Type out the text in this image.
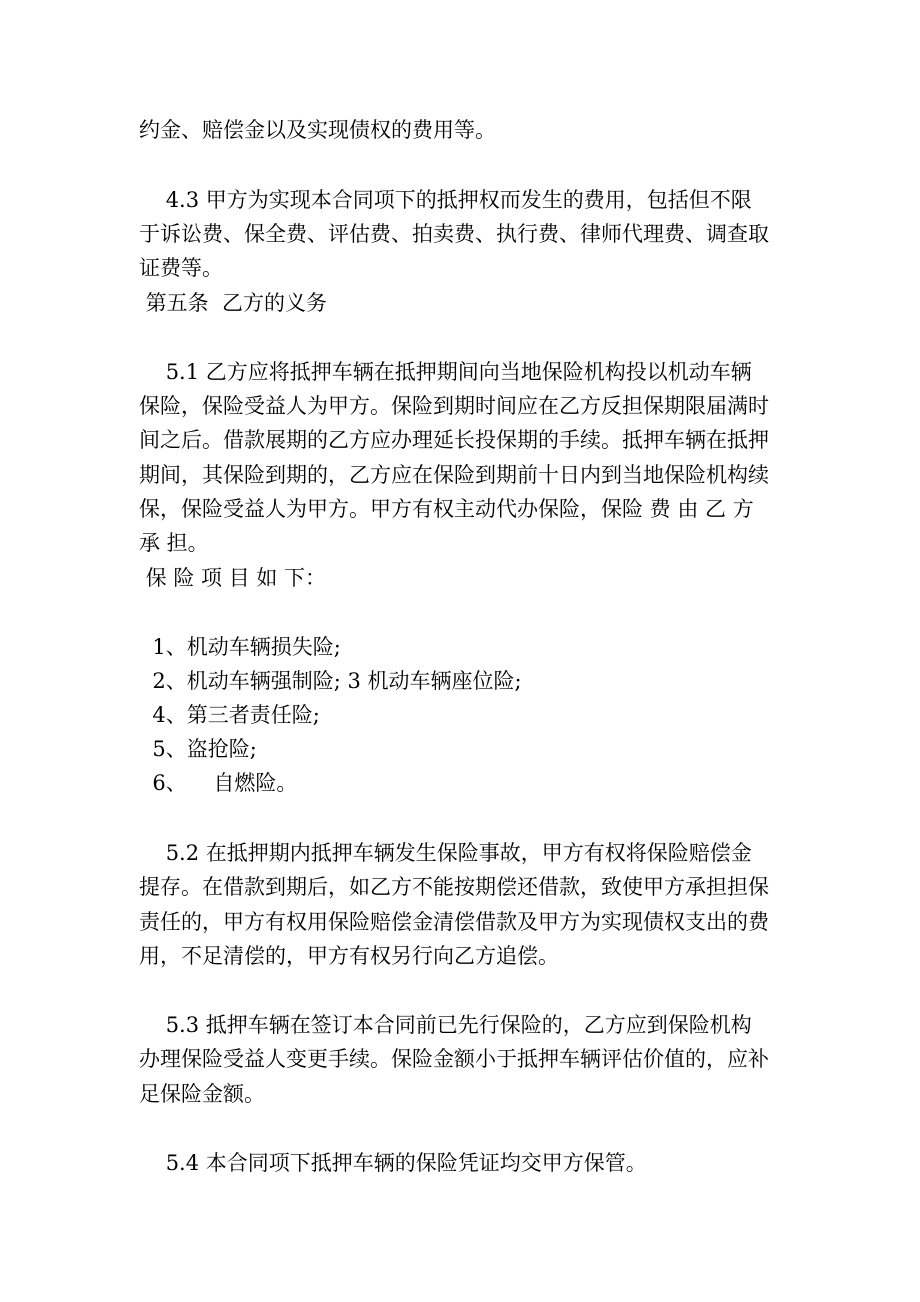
约金、赔偿金以及实现债权的费用等。
4.3 甲方为实现本合同项下的抵押权而发生的费用，包括但不限
于诉讼费、保全费、评估费、拍卖费、执行费、律师代理费、调查取
证费等。
第五条  乙方的义务
5.1 乙方应将抵押车辆在抵押期间向当地保险机构投以机动车辆
保险，保险受益人为甲方。保险到期时间应在乙方反担保期限届满时
间之后。借款展期的乙方应办理延长投保期的手续。抵押车辆在抵押
期间，其保险到期的，乙方应在保险到期前十日内到当地保险机构续
保，保险受益人为甲方。甲方有权主动代办保险，保险 费 由 乙 方
承 担。
保 险 项 目 如 下：
1、机动车辆损失险;
2、机动车辆强制险; 3 机动车辆座位险;
4、第三者责任险;
5、盗抢险;
6、    自燃险。
5.2 在抵押期内抵押车辆发生保险事故，甲方有权将保险赔偿金
提存。在借款到期后，如乙方不能按期偿还借款，致使甲方承担担保
责任的，甲方有权用保险赔偿金清偿借款及甲方为实现债权支出的费
用，不足清偿的，甲方有权另行向乙方追偿。
5.3 抵押车辆在签订本合同前已先行保险的，乙方应到保险机构
办理保险受益人变更手续。保险金额小于抵押车辆评估价值的，应补
足保险金额。
5.4 本合同项下抵押车辆的保险凭证均交甲方保管。
